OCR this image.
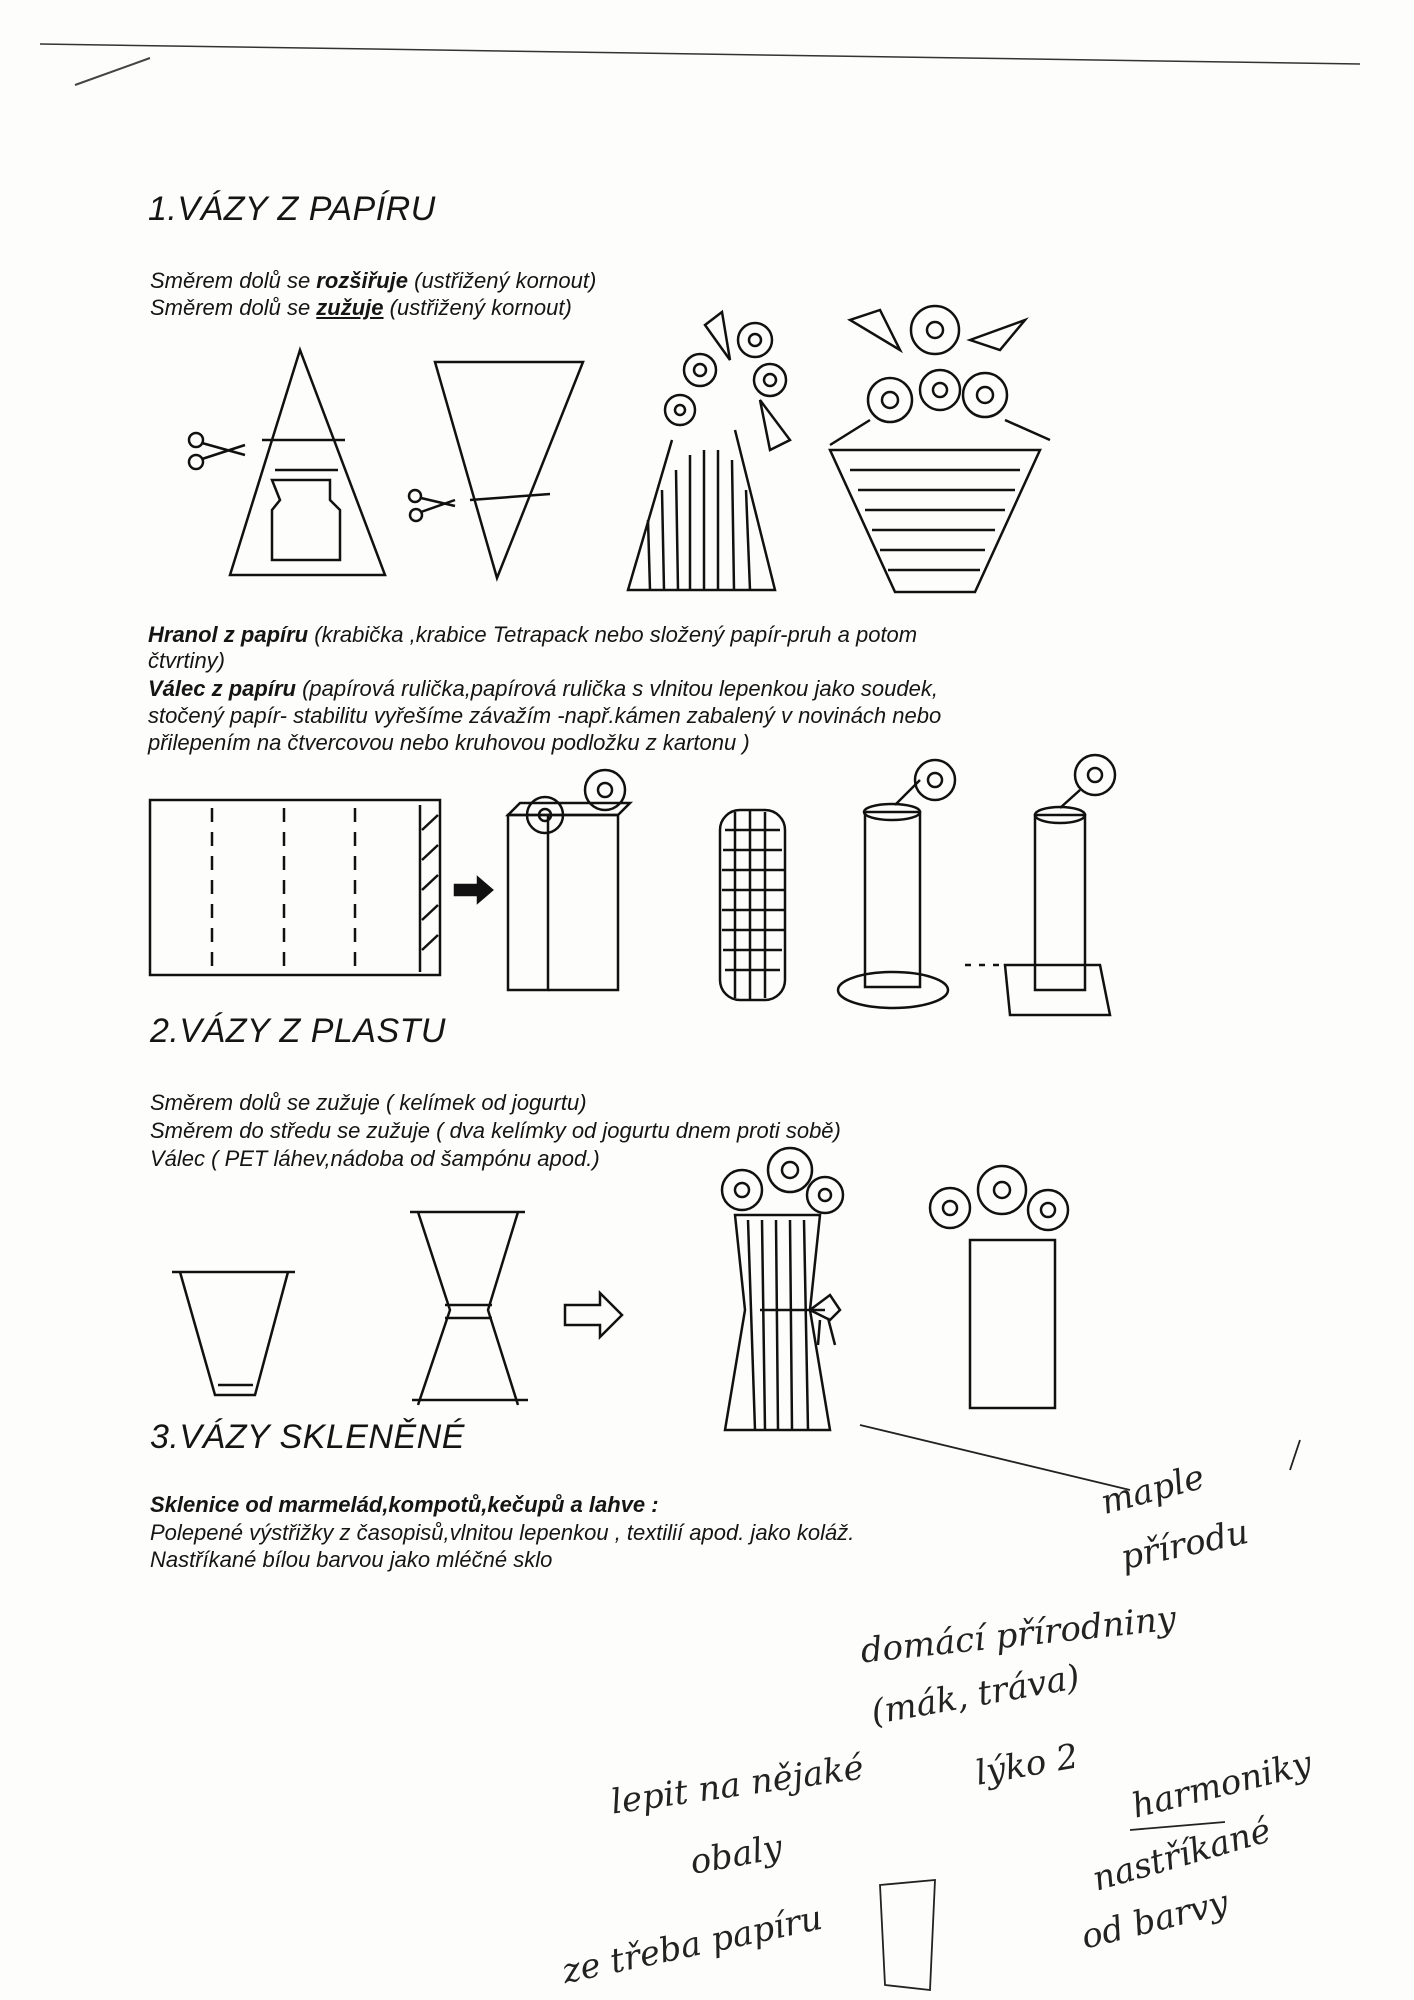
1.VÁZY Z PAPÍRU
Směrem dolů se rozšiřuje (ustřižený kornout)
Směrem dolů se zužuje (ustřižený kornout)
Hranol z papíru (krabička ,krabice Tetrapack nebo složený papír-pruh a potom
čtvrtiny)
Válec z papíru (papírová rulička,papírová rulička s vlnitou lepenkou jako soudek,
stočený papír- stabilitu vyřešíme závažím -např.kámen zabalený v novinách nebo
přilepením na čtvercovou nebo kruhovou podložku z kartonu )
2.VÁZY Z PLASTU
Směrem dolů se zužuje ( kelímek od jogurtu)
Směrem do středu se zužuje ( dva kelímky od jogurtu dnem proti sobě)
Válec ( PET láhev,nádoba od šampónu apod.)
3.VÁZY SKLENĚNÉ
Sklenice od marmelád,kompotů,kečupů a lahve :
Polepené výstřižky z časopisů,vlnitou lepenkou , textilií apod. jako koláž.
Nastříkané bílou barvou jako mléčné sklo
maple
přírodu
domácí přírodniny
(mák, tráva)
lepit na nějaké	lýko 2 harmoniky
obaly	nastříkané
od barvy
ze třeba papíru
